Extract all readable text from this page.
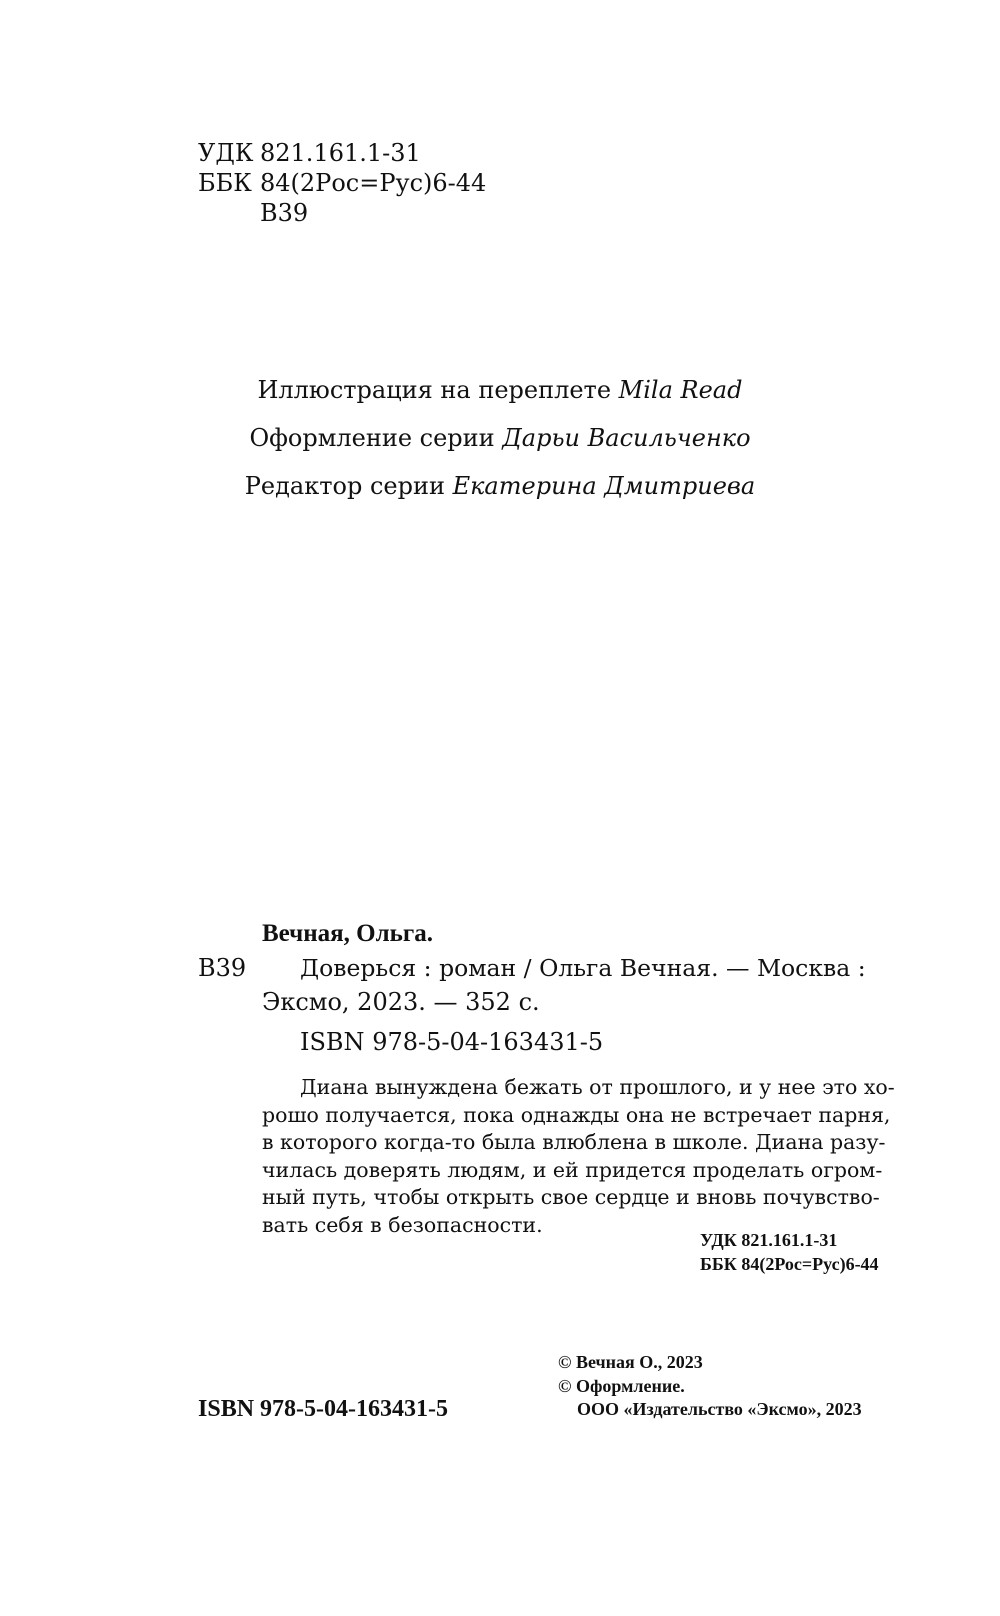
УДК 821.161.1-31
ББК 84(2Рос=Рус)6-44
В39
Иллюстрация на переплете Mila Read
Оформление серии Дарьи Васильченко
Редактор серии Екатерина Дмитриева
Вечная, Ольга.
В39 Доверься : роман / Ольга Вечная. — Москва :
Эксмо, 2023. — 352 с.
ISBN 978-5-04-163431-5
Диана вынуждена бежать от прошлого, и у нее это хо-
рошо получается, пока однажды она не встречает парня,
в которого когда-то была влюблена в школе. Диана разу-
чилась доверять людям, и ей придется проделать огром-
ный путь, чтобы открыть свое сердце и вновь почувство-
вать себя в безопасности.
УДК 821.161.1-31
ББК 84(2Рос=Рус)6-44
© Вечная О., 2023
© Оформление.
ISBN 978-5-04-163431-5	ООО «Издательство «Эксмо», 2023
